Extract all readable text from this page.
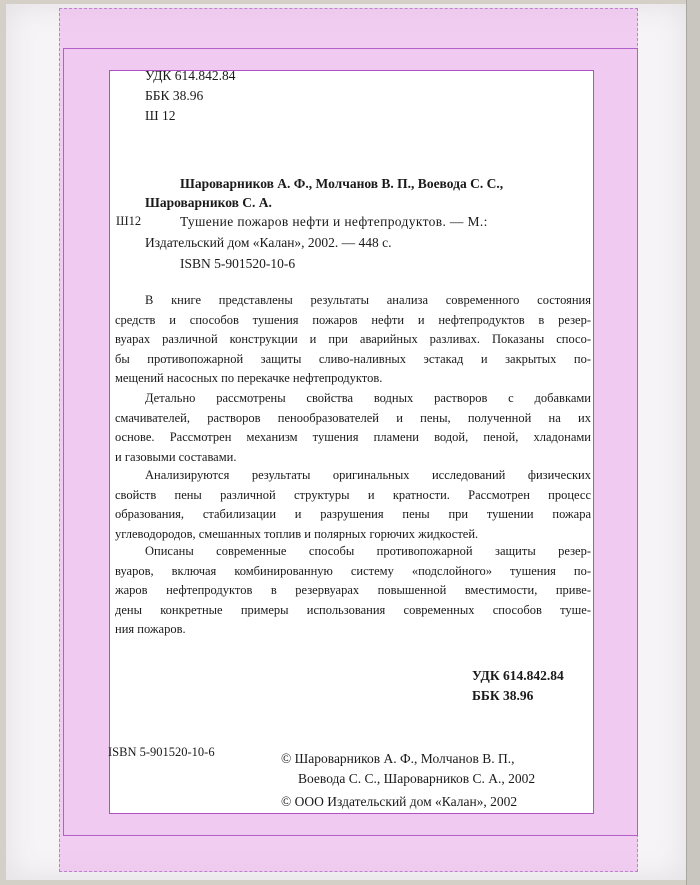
УДК 614.842.84
ББК 38.96
Ш 12
Шароварников А. Ф., Молчанов В. П., Воевода С. С.,
Шароварников С. А.
Ш12	Тушение пожаров нефти и нефтепродуктов. — М.:
Издательский дом «Калан», 2002. — 448 с.
ISBN 5-901520-10-6
В книге представлены результаты анализа современного состояния
средств и способов тушения пожаров нефти и нефтепродуктов в резер-
вуарах различной конструкции и при аварийных разливах. Показаны спосо-
бы противопожарной защиты сливо-наливных эстакад и закрытых по-
мещений насосных по перекачке нефтепродуктов.
Детально рассмотрены свойства водных растворов с добавками
смачивателей, растворов пенообразователей и пены, полученной на их
основе. Рассмотрен механизм тушения пламени водой, пеной, хладонами
и газовыми составами.
Анализируются результаты оригинальных исследований физических
свойств пены различной структуры и кратности. Рассмотрен процесс
образования, стабилизации и разрушения пены при тушении пожара
углеводородов, смешанных топлив и полярных горючих жидкостей.
Описаны современные способы противопожарной защиты резер-
вуаров, включая комбинированную систему «подслойного» тушения по-
жаров нефтепродуктов в резервуарах повышенной вместимости, приве-
дены конкретные примеры использования современных способов туше-
ния пожаров.
УДК 614.842.84
ББК 38.96
ISBN 5-901520-10-6	© Шароварников А. Ф., Молчанов В. П.,
Воевода С. С., Шароварников С. А., 2002
© ООО Издательский дом «Калан», 2002
